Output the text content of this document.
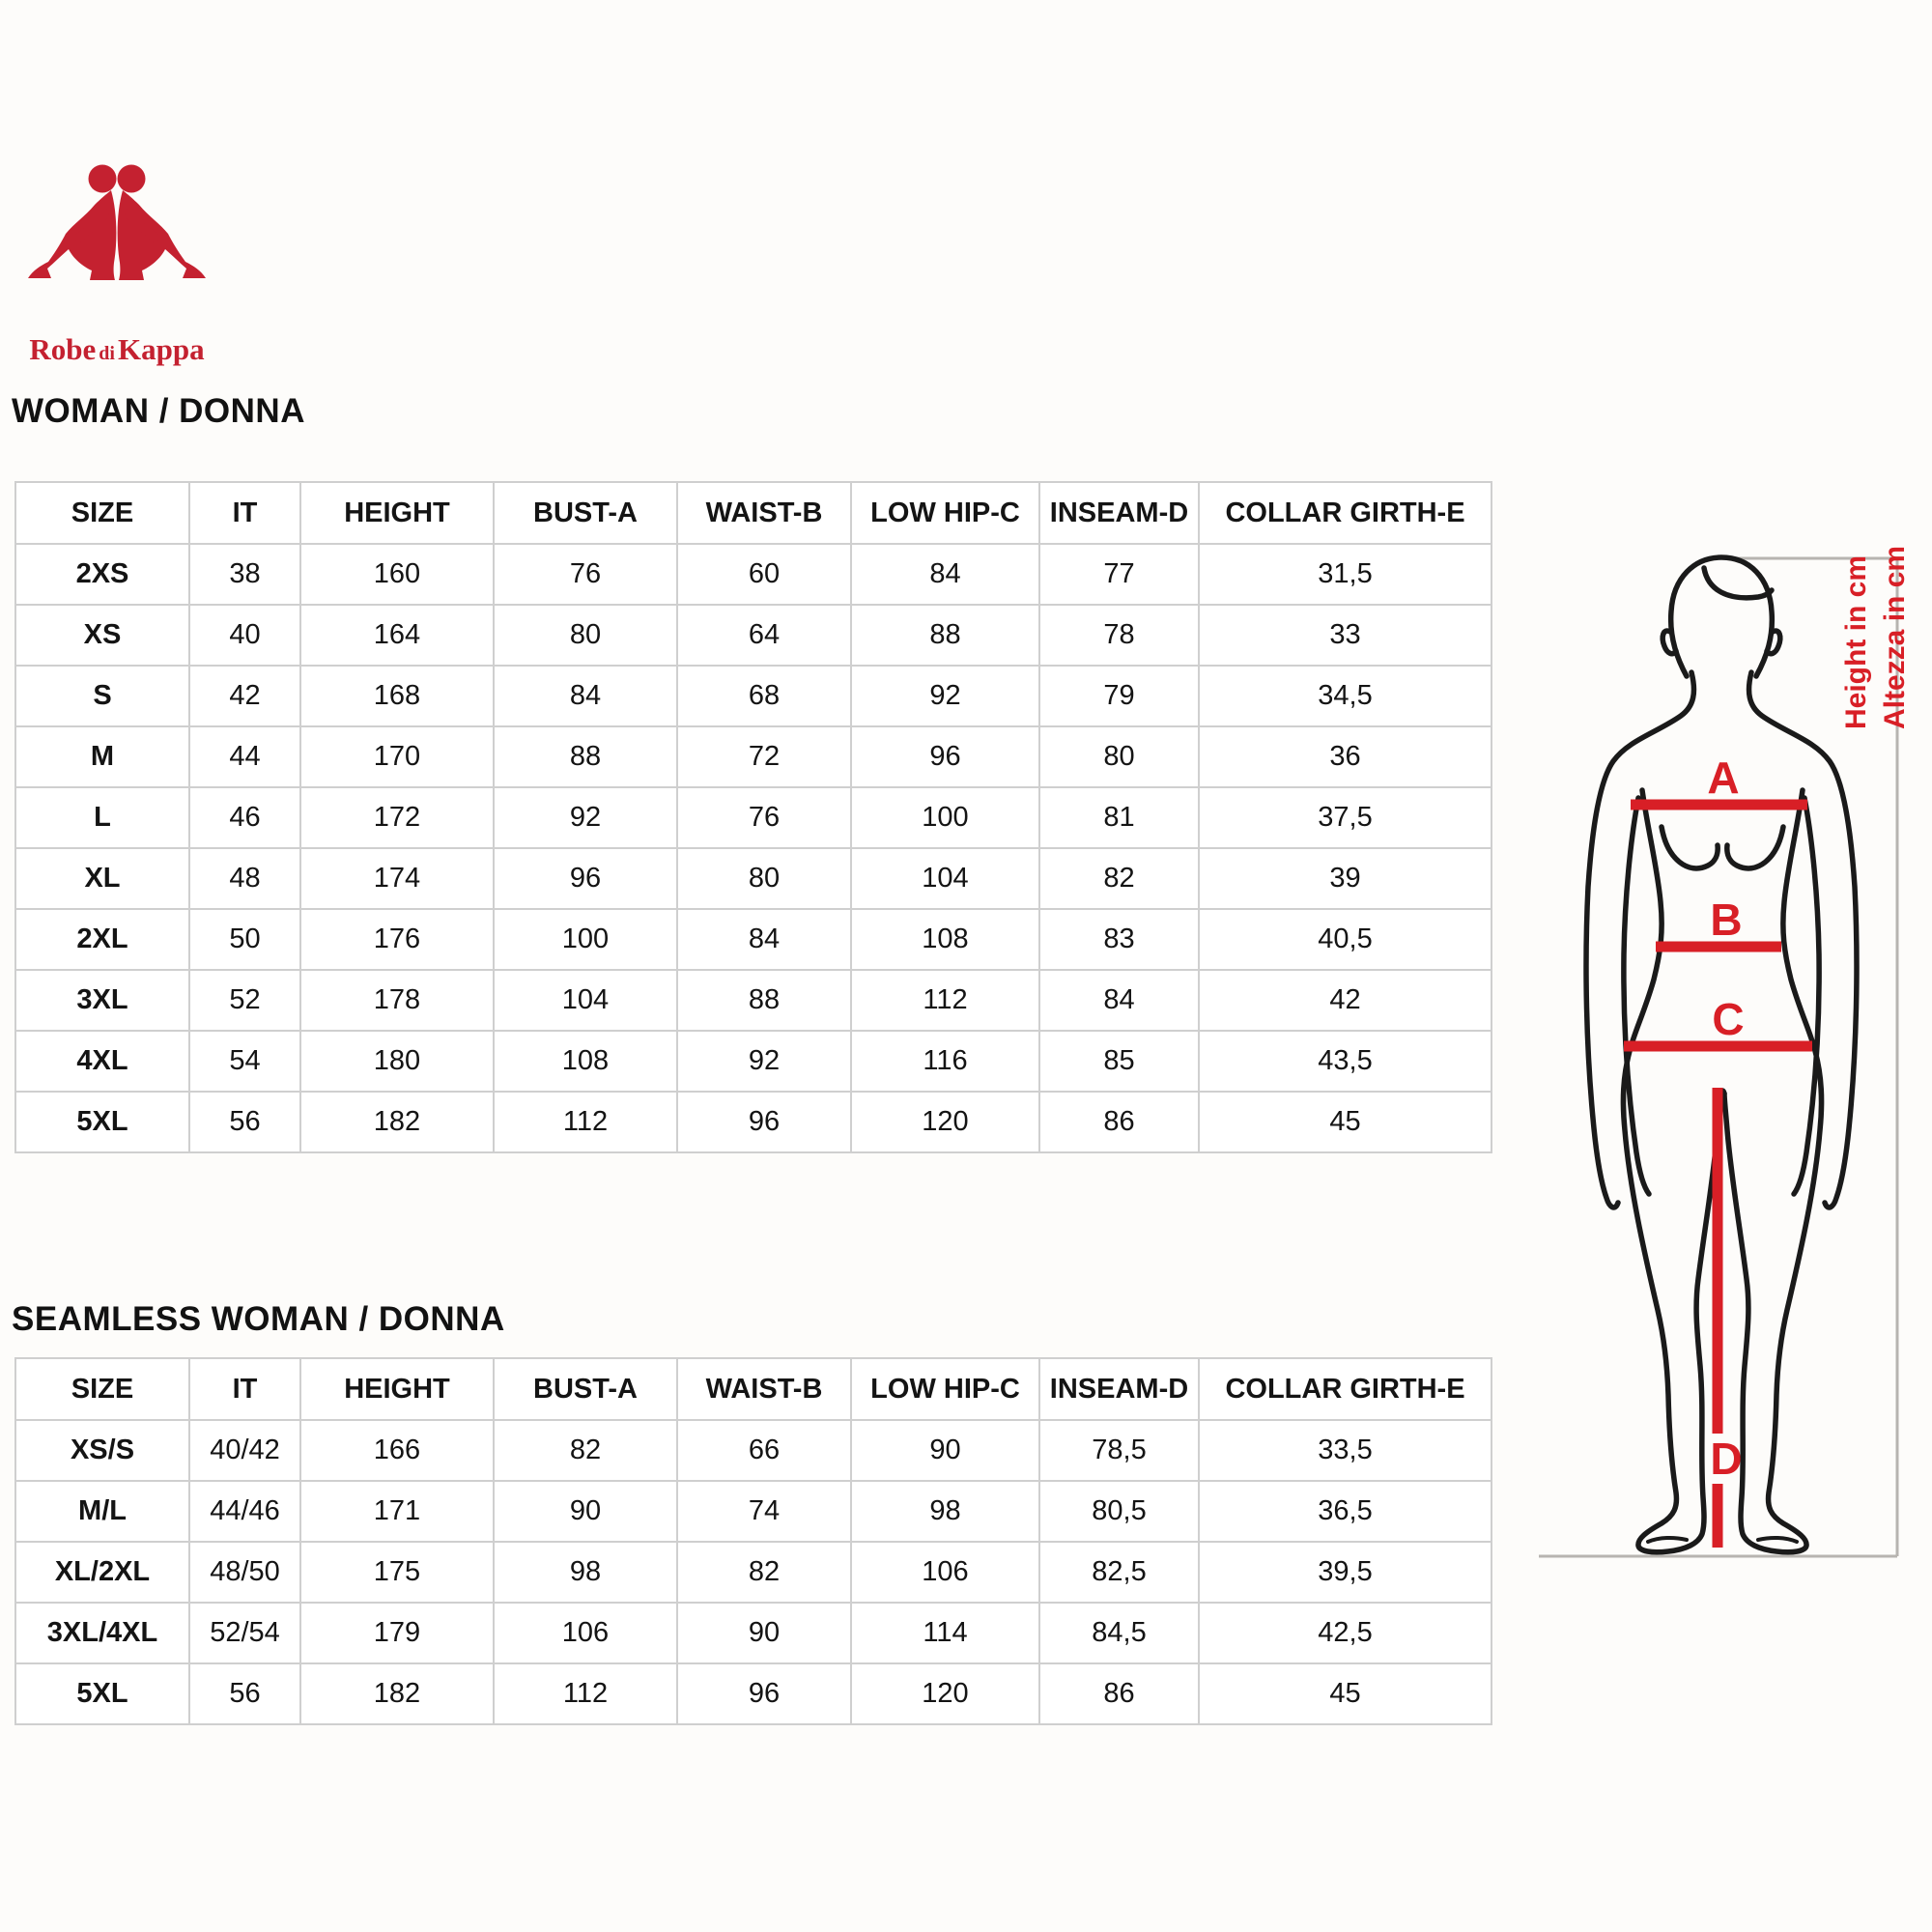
Robe diKappa
WOMAN / DONNA
SEAMLESS WOMAN / DONNA
SIZE	IT	HEIGHT	BUST-A	WAIST-B	LOW HIP-C	INSEAM-D	COLLAR GIRTH-E
2XS	38	160	76	60	84	77	31,5
XS	40	164	80	64	88	78	33
S	42	168	84	68	92	79	34,5
M	44	170	88	72	96	80	36
L	46	172	92	76	100	81	37,5
XL	48	174	96	80	104	82	39
2XL	50	176	100	84	108	83	40,5
3XL	52	178	104	88	112	84	42
4XL	54	180	108	92	116	85	43,5
5XL	56	182	112	96	120	86	45
SIZE	IT	HEIGHT	BUST-A	WAIST-B	LOW HIP-C	INSEAM-D	COLLAR GIRTH-E
XS/S	40/42	166	82	66	90	78,5	33,5
M/L	44/46	171	90	74	98	80,5	36,5
XL/2XL	48/50	175	98	82	106	82,5	39,5
3XL/4XL	52/54	179	106	90	114	84,5	42,5
5XL	56	182	112	96	120	86	45
Height in cm Altezza in cm
A
B
C
D
